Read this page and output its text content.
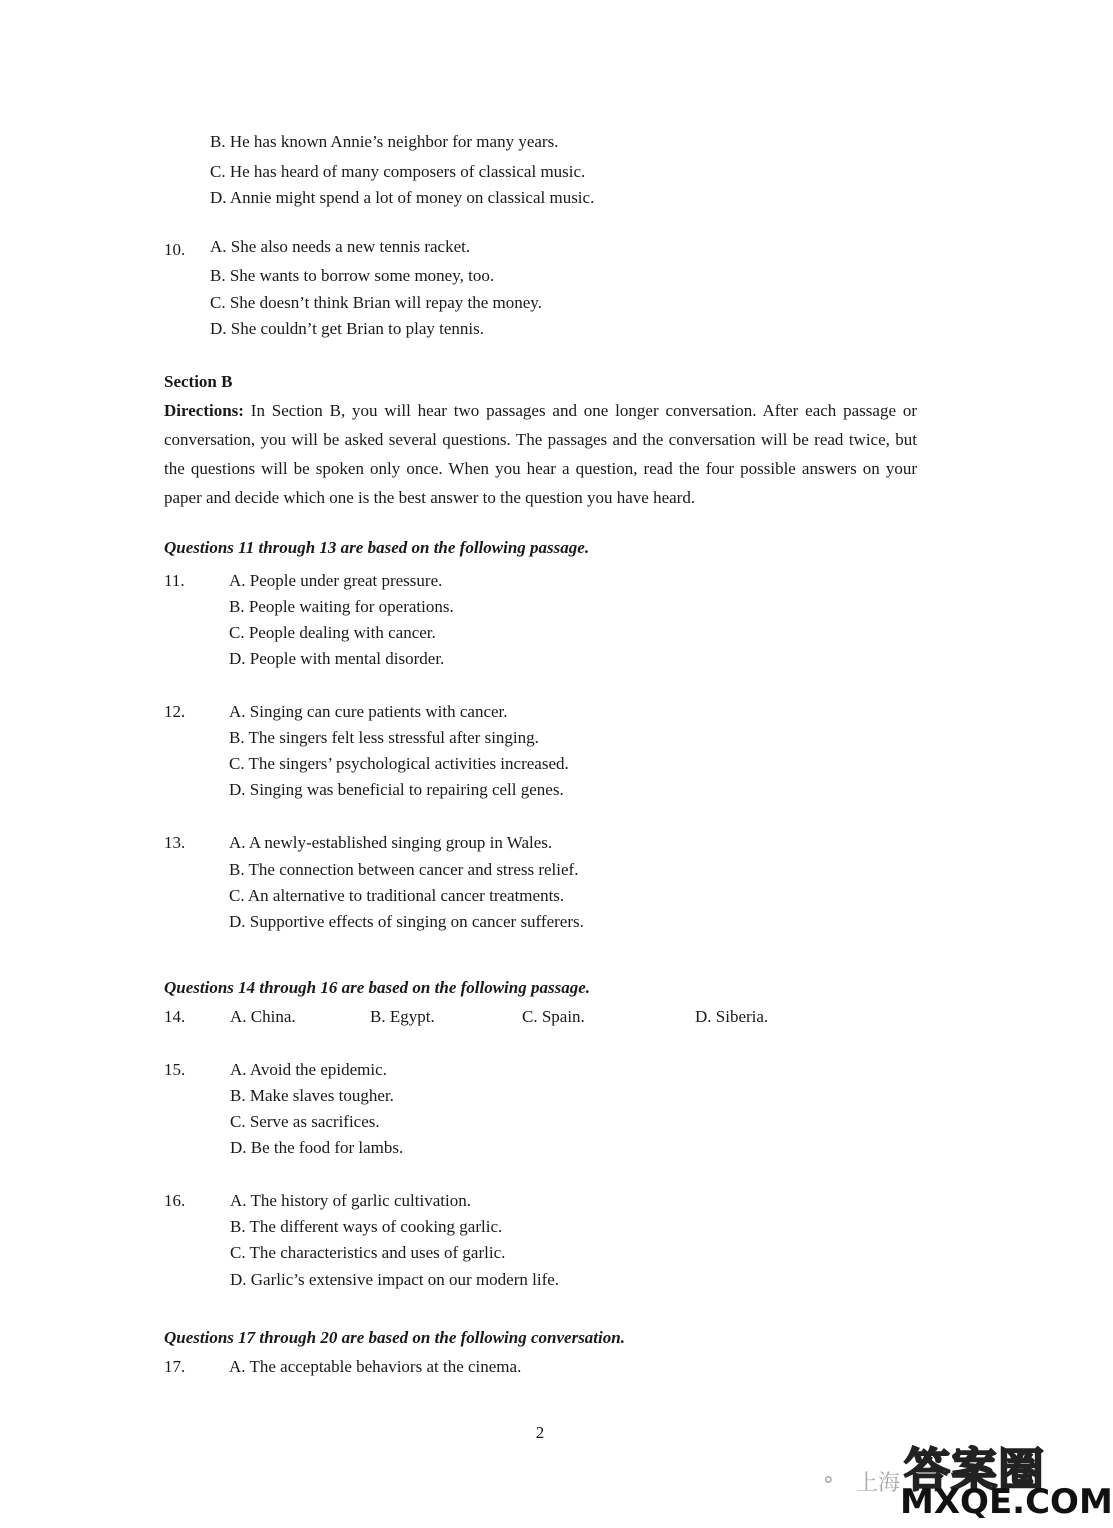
B. He has known Annie’s neighbor for many years.
C. He has heard of many composers of classical music.
D. Annie might spend a lot of money on classical music.
10. A. She also needs a new tennis racket.
B. She wants to borrow some money, too.
C. She doesn’t think Brian will repay the money.
D. She couldn’t get Brian to play tennis.
Section B
Directions: In Section B, you will hear two passages and one longer conversation. After each passage or conversation, you will be asked several questions. The passages and the conversation will be read twice, but the questions will be spoken only once. When you hear a question, read the four possible answers on your paper and decide which one is the best answer to the question you have heard.
Questions 11 through 13 are based on the following passage.
11.	A. People under great pressure.
B. People waiting for operations.
C. People dealing with cancer.
D. People with mental disorder.
12.	A. Singing can cure patients with cancer.
B. The singers felt less stressful after singing.
C. The singers’ psychological activities increased.
D. Singing was beneficial to repairing cell genes.
13.	A. A newly-established singing group in Wales.
B. The connection between cancer and stress relief.
C. An alternative to traditional cancer treatments.
D. Supportive effects of singing on cancer sufferers.
Questions 14 through 16 are based on the following passage.
14.	A. China.	B. Egypt.	C. Spain.	D. Siberia.
15.	A. Avoid the epidemic.
B. Make slaves tougher.
C. Serve as sacrifices.
D. Be the food for lambs.
16.	A. The history of garlic cultivation.
B. The different ways of cooking garlic.
C. The characteristics and uses of garlic.
D. Garlic’s extensive impact on our modern life.
Questions 17 through 20 are based on the following conversation.
17.	A. The acceptable behaviors at the cinema.
2
⚬ 上海 答案圈
MXQE.COM
